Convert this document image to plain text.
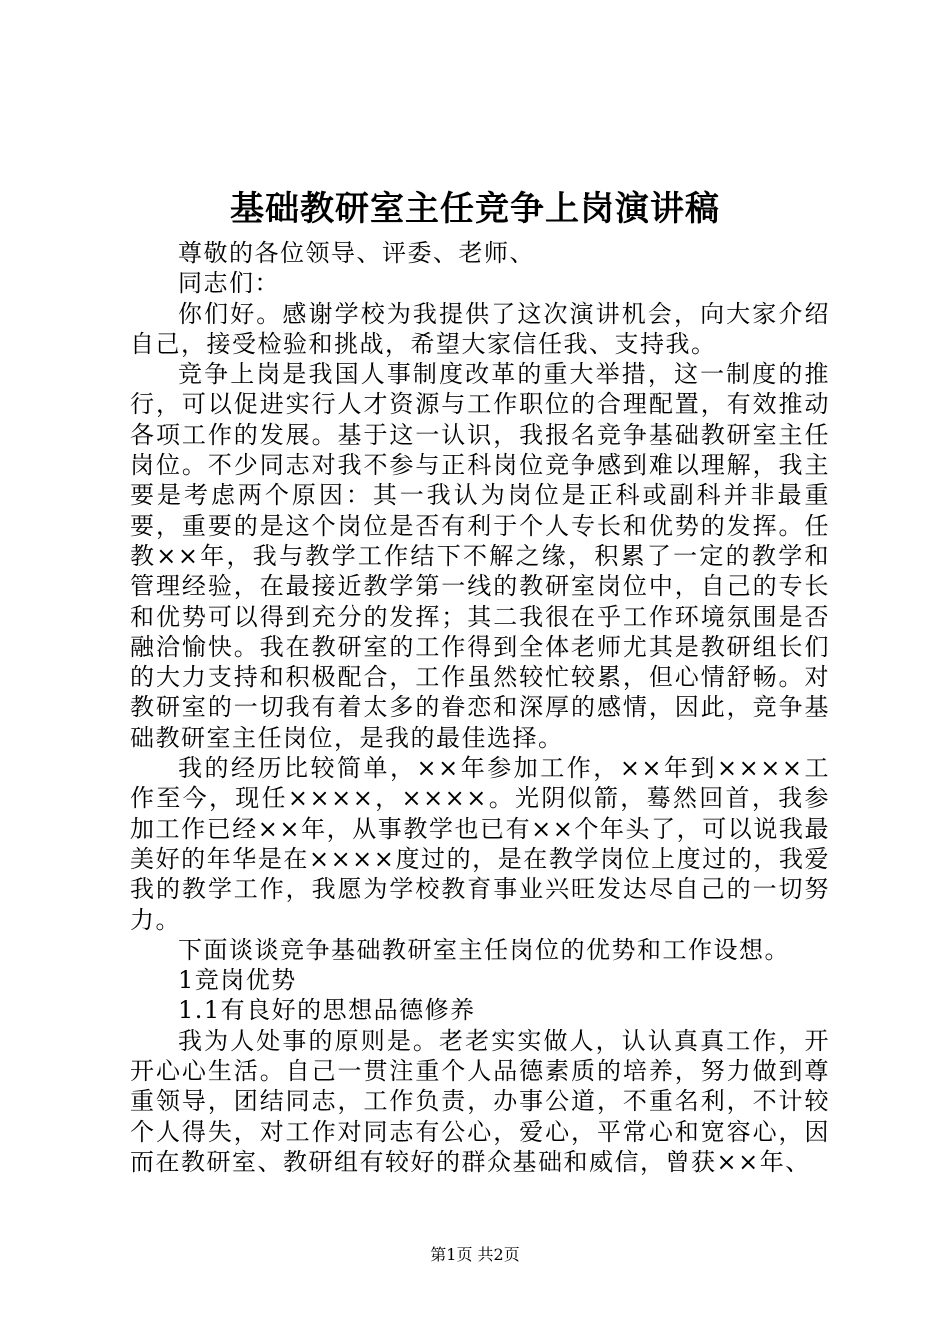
基础教研室主任竞争上岗演讲稿

尊敬的各位领导、评委、老师、

同志们：

你们好。感谢学校为我提供了这次演讲机会，向大家介绍自己，接受检验和挑战，希望大家信任我、支持我。

竞争上岗是我国人事制度改革的重大举措，这一制度的推行，可以促进实行人才资源与工作职位的合理配置，有效推动各项工作的发展。基于这一认识，我报名竞争基础教研室主任岗位。不少同志对我不参与正科岗位竞争感到难以理解，我主要是考虑两个原因：其一我认为岗位是正科或副科并非最重要，重要的是这个岗位是否有利于个人专长和优势的发挥。任教××年，我与教学工作结下不解之缘，积累了一定的教学和管理经验，在最接近教学第一线的教研室岗位中，自己的专长和优势可以得到充分的发挥；其二我很在乎工作环境氛围是否融洽愉快。我在教研室的工作得到全体老师尤其是教研组长们的大力支持和积极配合，工作虽然较忙较累，但心情舒畅。对教研室的一切我有着太多的眷恋和深厚的感情，因此，竞争基础教研室主任岗位，是我的最佳选择。

我的经历比较简单，××年参加工作，××年到××××工作至今，现任××××，××××。光阴似箭，蓦然回首，我参加工作已经××年，从事教学也已有××个年头了，可以说我最美好的年华是在××××度过的，是在教学岗位上度过的，我爱我的教学工作，我愿为学校教育事业兴旺发达尽自己的一切努力。

下面谈谈竞争基础教研室主任岗位的优势和工作设想。

1竞岗优势

1.1有良好的思想品德修养

我为人处事的原则是。老老实实做人，认认真真工作，开开心心生活。自己一贯注重个人品德素质的培养，努力做到尊重领导，团结同志，工作负责，办事公道，不重名利，不计较个人得失，对工作对同志有公心，爱心，平常心和宽容心，因而在教研室、教研组有较好的群众基础和威信，曾获××年、

第1页 共2页
